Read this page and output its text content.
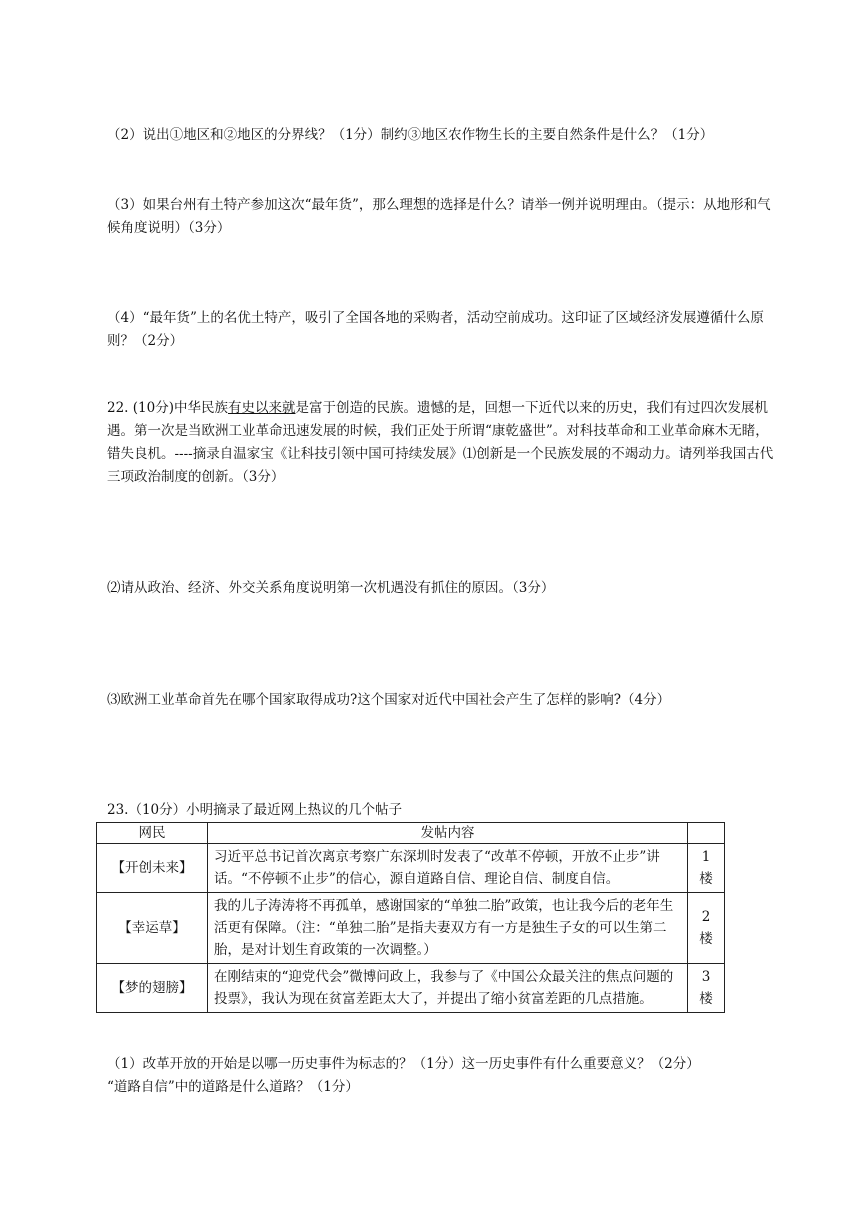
（2）说出①地区和②地区的分界线？（1分）制约③地区农作物生长的主要自然条件是什么？（1分）

（3）如果台州有土特产参加这次“最年货”，那么理想的选择是什么？请举一例并说明理由。（提示：从地形和气候角度说明）（3分）

（4）“最年货”上的名优土特产，吸引了全国各地的采购者，活动空前成功。这印证了区域经济发展遵循什么原则？（2分）

22. (10分)中华民族有史以来就是富于创造的民族。遗憾的是，回想一下近代以来的历史，我们有过四次发展机遇。第一次是当欧洲工业革命迅速发展的时候，我们正处于所谓“康乾盛世”。对科技革命和工业革命麻木无睹，错失良机。----摘录自温家宝《让科技引领中国可持续发展》⑴创新是一个民族发展的不竭动力。请列举我国古代三项政治制度的创新。（3分）

⑵请从政治、经济、外交关系角度说明第一次机遇没有抓住的原因。（3分）

⑶欧洲工业革命首先在哪个国家取得成功?这个国家对近代中国社会产生了怎样的影响?（4分）

23.（10分）小明摘录了最近网上热议的几个帖子
网民	发帖内容	
【开创未来】	习近平总书记首次离京考察广东深圳时发表了“改革不停顿，开放不止步”讲话。“不停顿不止步”的信心，源自道路自信、理论自信、制度自信。	1
楼

【幸运草】	我的儿子涛涛将不再孤单，感谢国家的“单独二胎”政策，也让我今后的老年生活更有保障。（注：“单独二胎”是指夫妻双方有一方是独生子女的可以生第二胎，是对计划生育政策的一次调整。）	2
楼

【梦的翅膀】	在刚结束的“迎党代会”微博问政上，我参与了《中国公众最关注的焦点问题的投票》，我认为现在贫富差距太大了，并提出了缩小贫富差距的几点措施。	3
楼

（1）改革开放的开始是以哪一历史事件为标志的？（1分）这一历史事件有什么重要意义？（2分）
“道路自信”中的道路是什么道路？（1分）
